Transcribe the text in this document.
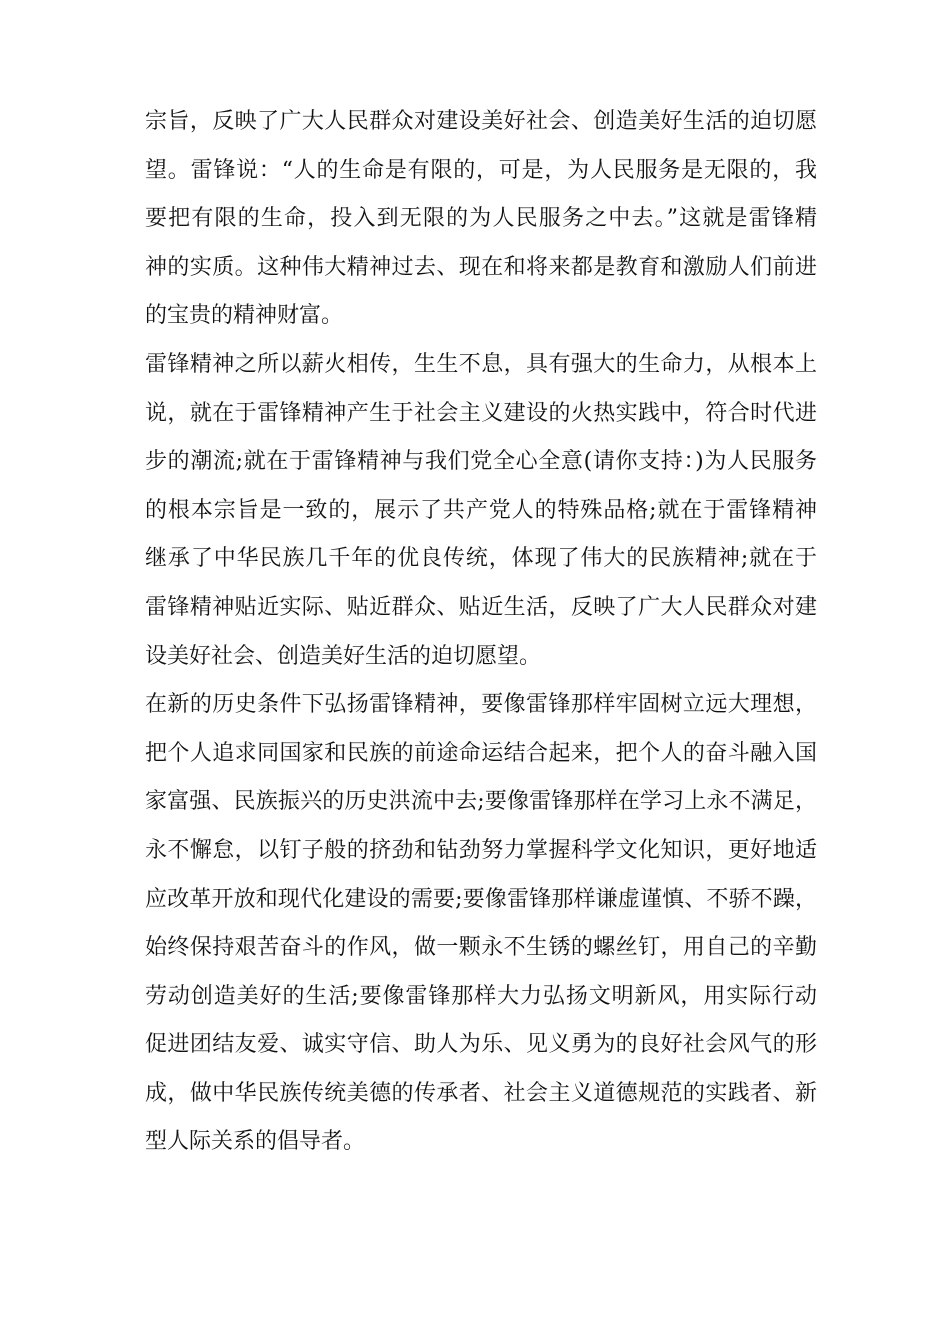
宗旨，反映了广大人民群众对建设美好社会、创造美好生活的迫切愿
望。雷锋说：“人的生命是有限的，可是，为人民服务是无限的，我
要把有限的生命，投入到无限的为人民服务之中去。”这就是雷锋精
神的实质。这种伟大精神过去、现在和将来都是教育和激励人们前进
的宝贵的精神财富。

雷锋精神之所以薪火相传，生生不息，具有强大的生命力，从根本上
说，就在于雷锋精神产生于社会主义建设的火热实践中，符合时代进
步的潮流;就在于雷锋精神与我们党全心全意(请你支持：)为人民服务
的根本宗旨是一致的，展示了共产党人的特殊品格;就在于雷锋精神
继承了中华民族几千年的优良传统，体现了伟大的民族精神;就在于
雷锋精神贴近实际、贴近群众、贴近生活，反映了广大人民群众对建
设美好社会、创造美好生活的迫切愿望。

在新的历史条件下弘扬雷锋精神，要像雷锋那样牢固树立远大理想，
把个人追求同国家和民族的前途命运结合起来，把个人的奋斗融入国
家富强、民族振兴的历史洪流中去;要像雷锋那样在学习上永不满足，
永不懈怠，以钉子般的挤劲和钻劲努力掌握科学文化知识，更好地适
应改革开放和现代化建设的需要;要像雷锋那样谦虚谨慎、不骄不躁，
始终保持艰苦奋斗的作风，做一颗永不生锈的螺丝钉，用自己的辛勤
劳动创造美好的生活;要像雷锋那样大力弘扬文明新风，用实际行动
促进团结友爱、诚实守信、助人为乐、见义勇为的良好社会风气的形
成，做中华民族传统美德的传承者、社会主义道德规范的实践者、新
型人际关系的倡导者。
